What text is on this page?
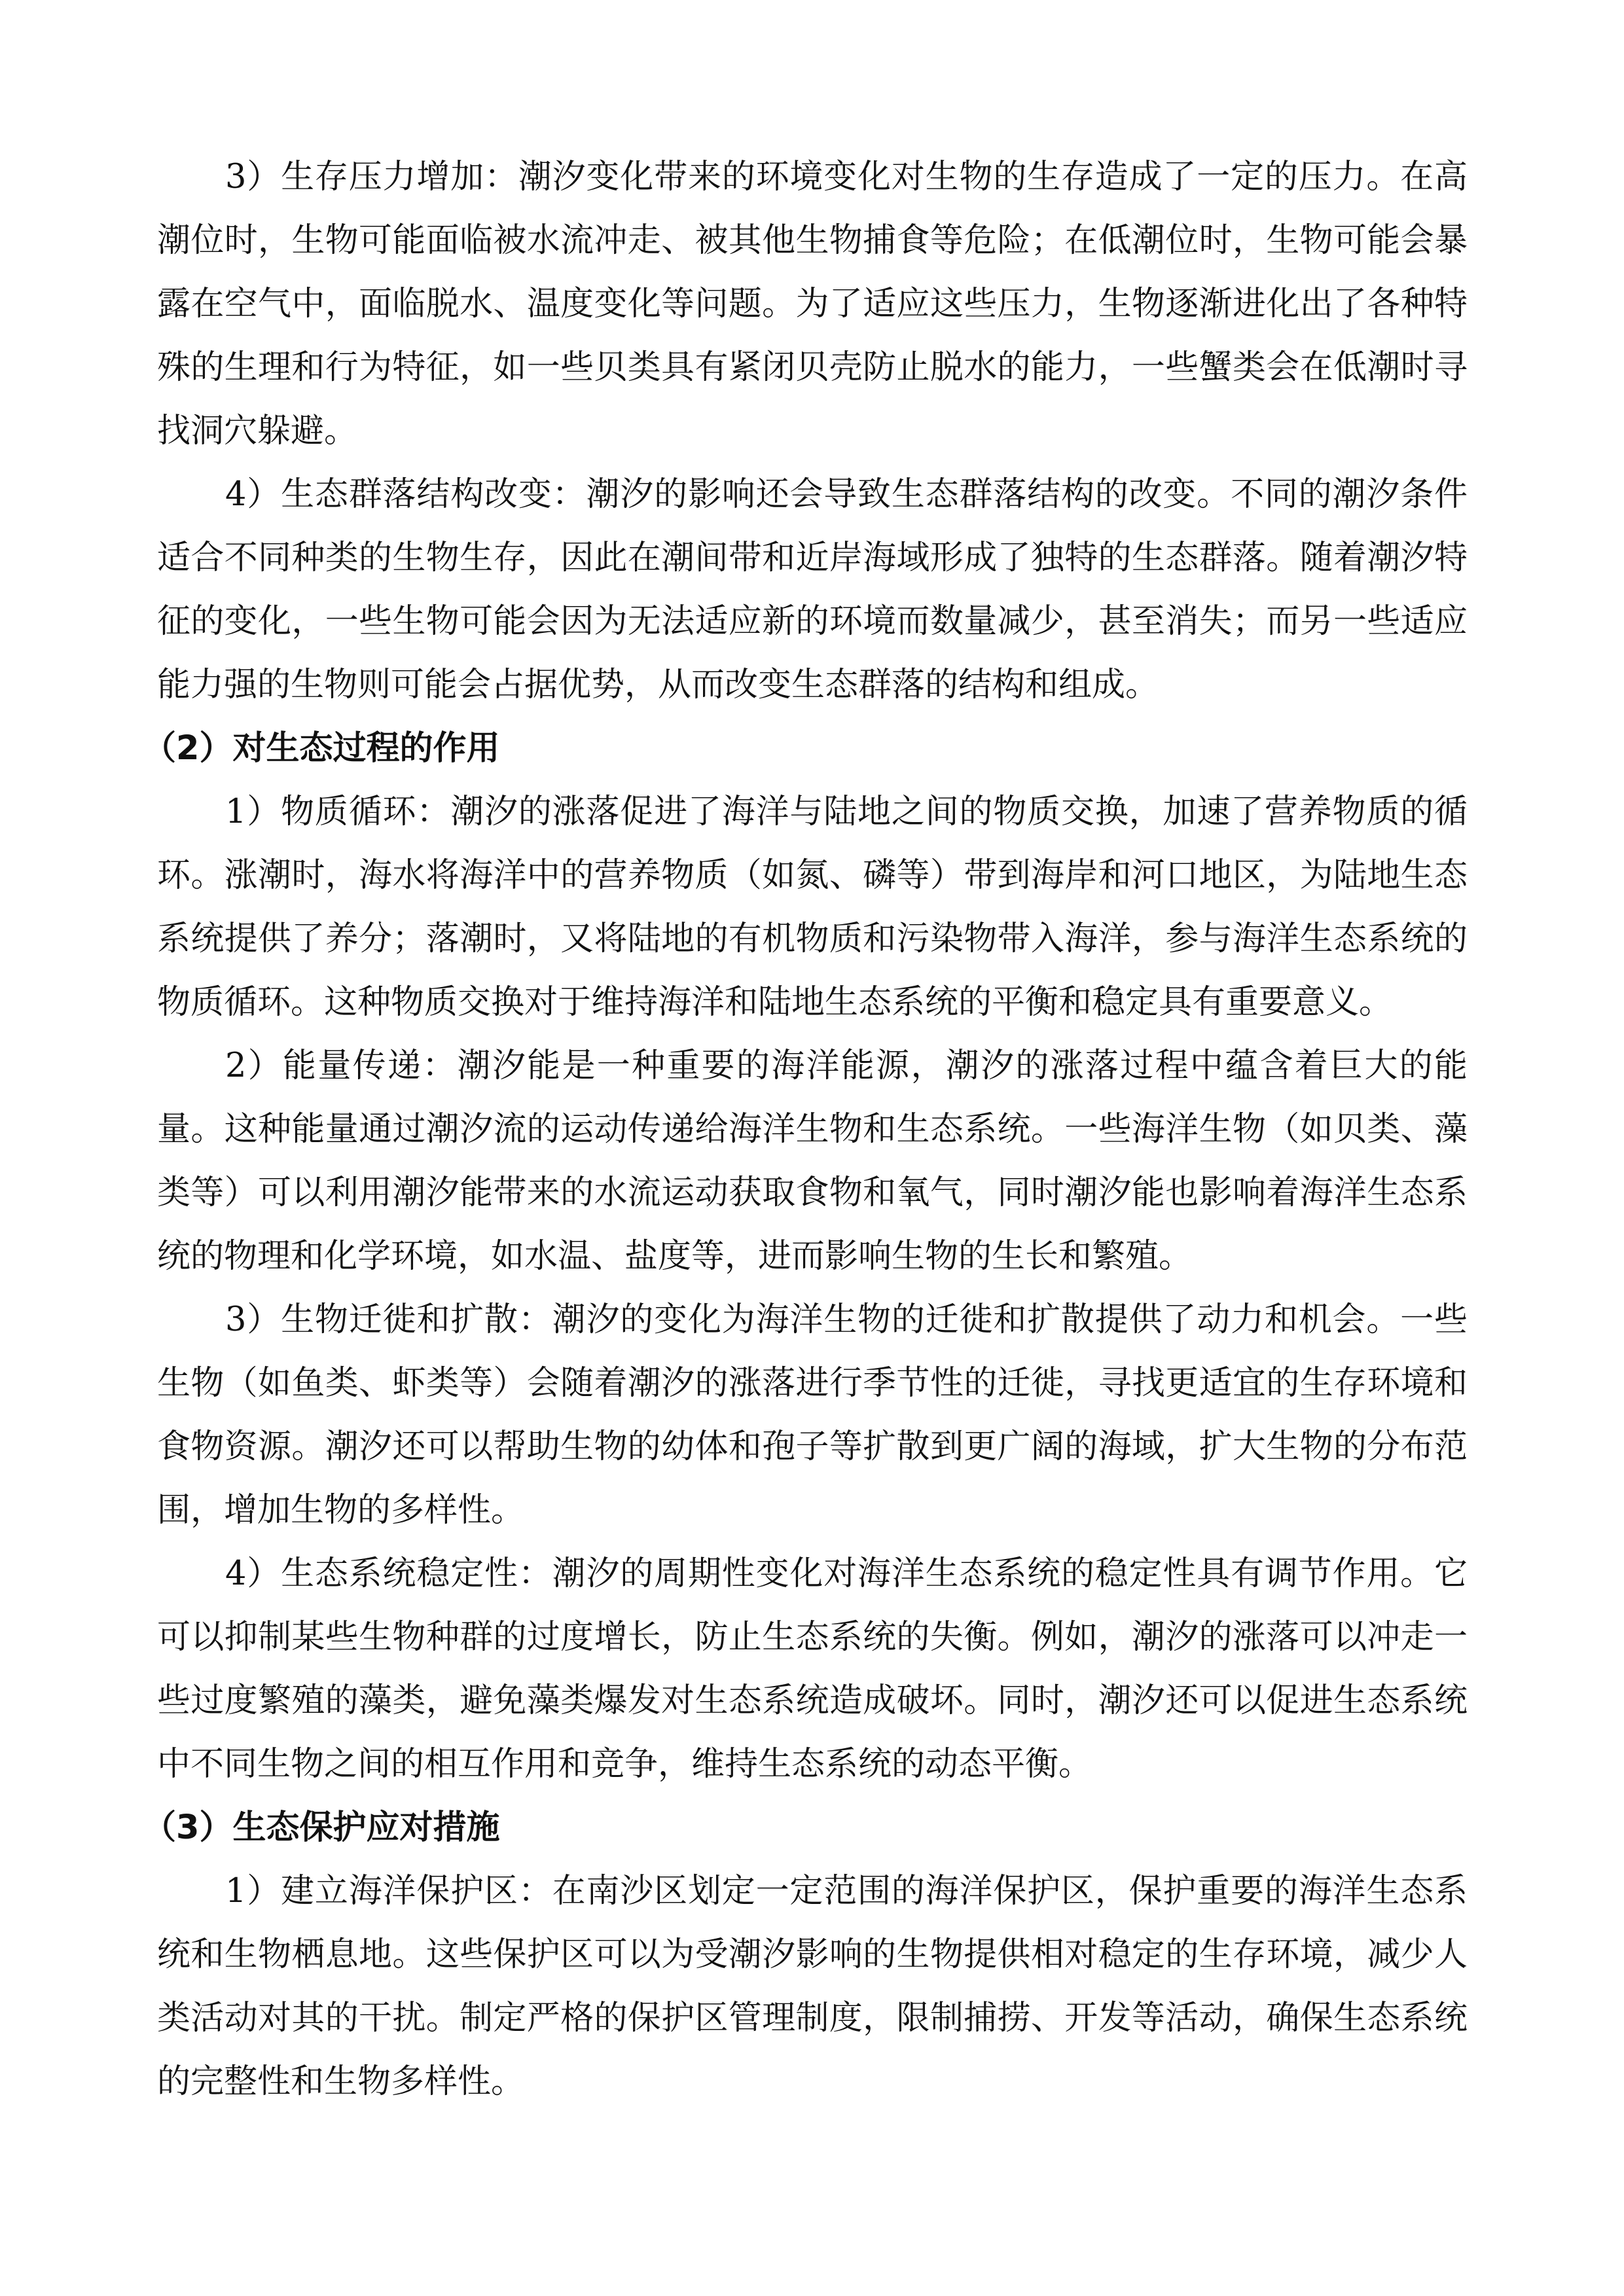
3）生存压力增加：潮汐变化带来的环境变化对生物的生存造成了一定的压力。在高潮位时，生物可能面临被水流冲走、被其他生物捕食等危险；在低潮位时，生物可能会暴露在空气中，面临脱水、温度变化等问题。为了适应这些压力，生物逐渐进化出了各种特殊的生理和行为特征，如一些贝类具有紧闭贝壳防止脱水的能力，一些蟹类会在低潮时寻找洞穴躲避。

4）生态群落结构改变：潮汐的影响还会导致生态群落结构的改变。不同的潮汐条件适合不同种类的生物生存，因此在潮间带和近岸海域形成了独特的生态群落。随着潮汐特征的变化，一些生物可能会因为无法适应新的环境而数量减少，甚至消失；而另一些适应能力强的生物则可能会占据优势，从而改变生态群落的结构和组成。

（2）对生态过程的作用

1）物质循环：潮汐的涨落促进了海洋与陆地之间的物质交换，加速了营养物质的循环。涨潮时，海水将海洋中的营养物质（如氮、磷等）带到海岸和河口地区，为陆地生态系统提供了养分；落潮时，又将陆地的有机物质和污染物带入海洋，参与海洋生态系统的物质循环。这种物质交换对于维持海洋和陆地生态系统的平衡和稳定具有重要意义。

2）能量传递：潮汐能是一种重要的海洋能源，潮汐的涨落过程中蕴含着巨大的能量。这种能量通过潮汐流的运动传递给海洋生物和生态系统。一些海洋生物（如贝类、藻类等）可以利用潮汐能带来的水流运动获取食物和氧气，同时潮汐能也影响着海洋生态系统的物理和化学环境，如水温、盐度等，进而影响生物的生长和繁殖。

3）生物迁徙和扩散：潮汐的变化为海洋生物的迁徙和扩散提供了动力和机会。一些生物（如鱼类、虾类等）会随着潮汐的涨落进行季节性的迁徙，寻找更适宜的生存环境和食物资源。潮汐还可以帮助生物的幼体和孢子等扩散到更广阔的海域，扩大生物的分布范围，增加生物的多样性。

4）生态系统稳定性：潮汐的周期性变化对海洋生态系统的稳定性具有调节作用。它可以抑制某些生物种群的过度增长，防止生态系统的失衡。例如，潮汐的涨落可以冲走一些过度繁殖的藻类，避免藻类爆发对生态系统造成破坏。同时，潮汐还可以促进生态系统中不同生物之间的相互作用和竞争，维持生态系统的动态平衡。

（3）生态保护应对措施

1）建立海洋保护区：在南沙区划定一定范围的海洋保护区，保护重要的海洋生态系统和生物栖息地。这些保护区可以为受潮汐影响的生物提供相对稳定的生存环境，减少人类活动对其的干扰。制定严格的保护区管理制度，限制捕捞、开发等活动，确保生态系统的完整性和生物多样性。
